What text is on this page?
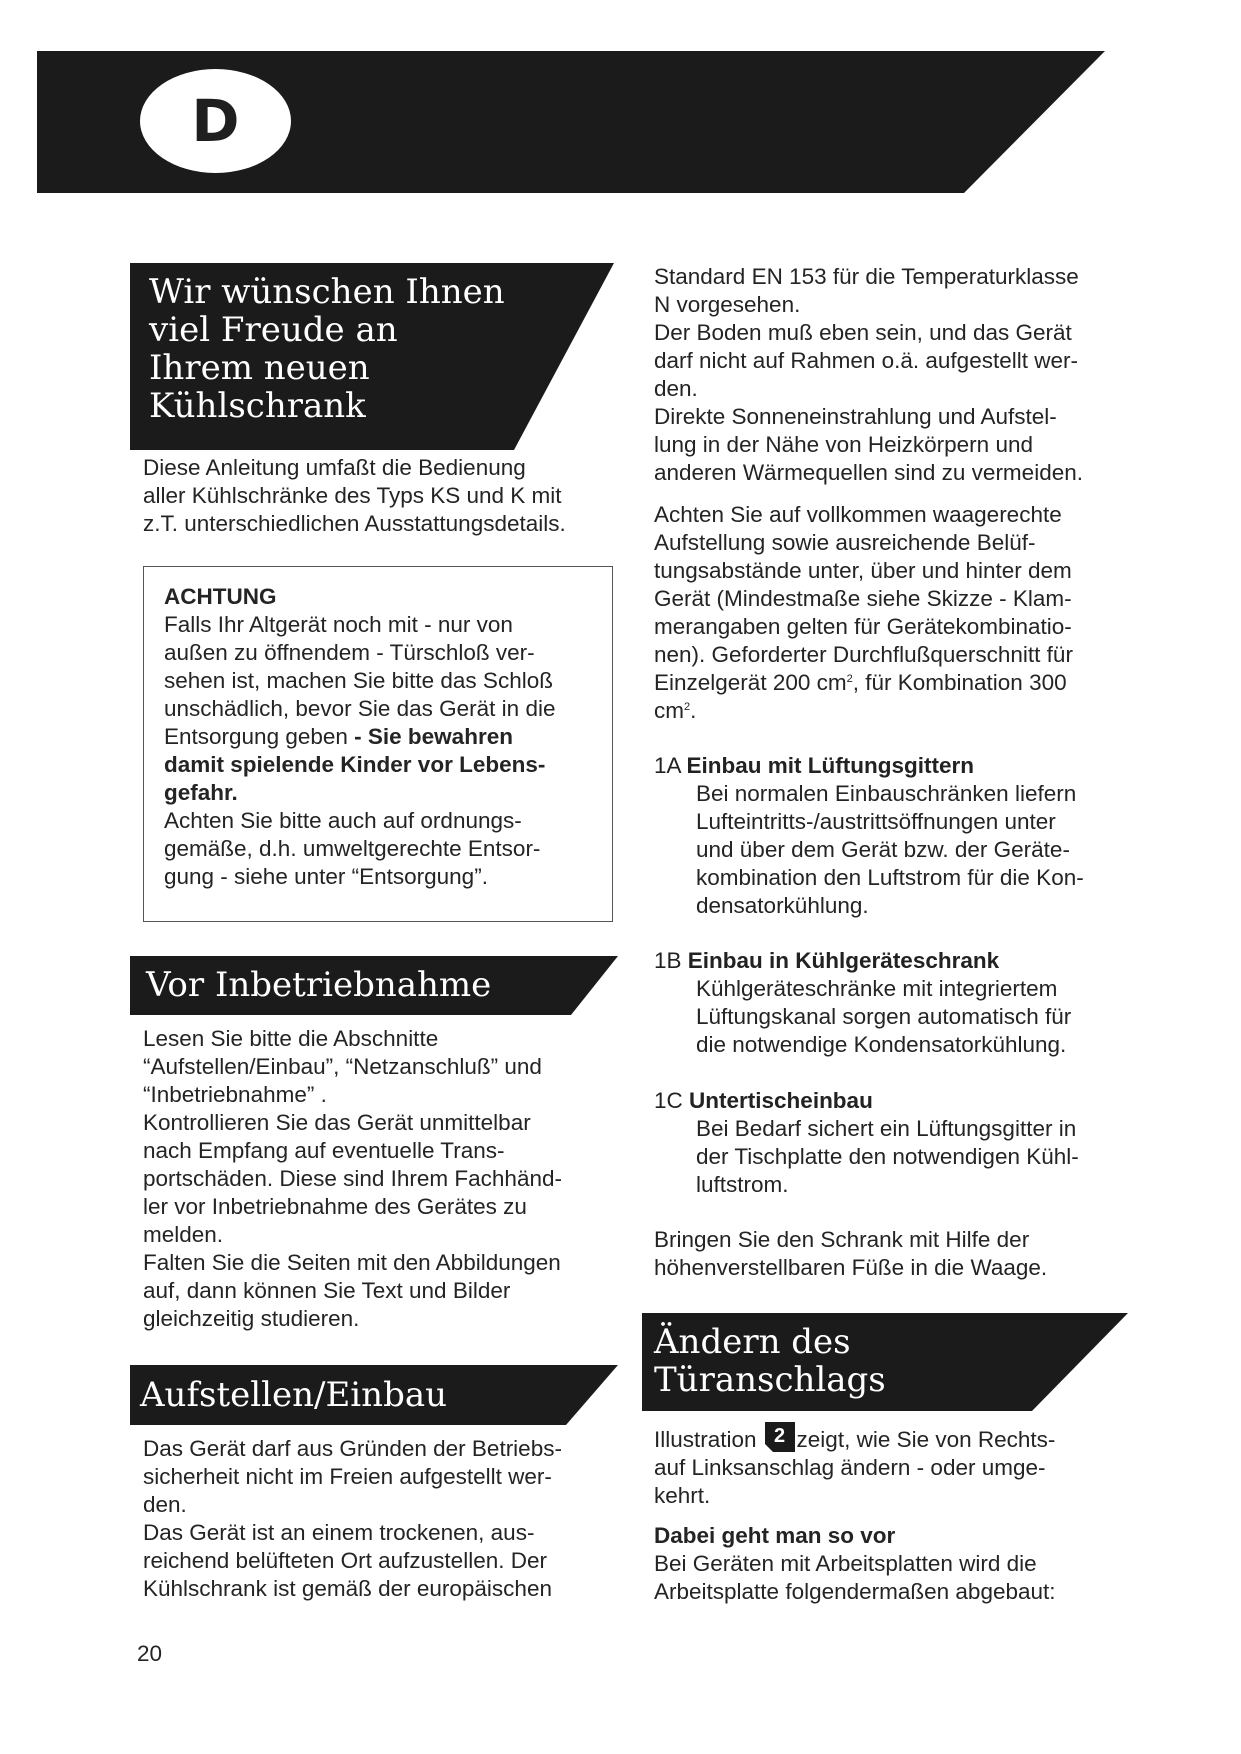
D
Wir wünschen Ihnen
viel Freude an
Ihrem neuen
Kühlschrank

Diese Anleitung umfaßt die Bedienung
aller Kühlschränke des Typs KS und K mit
z.T. unterschiedlichen Ausstattungsdetails.

ACHTUNG

Falls Ihr Altgerät noch mit - nur von
außen zu öffnendem - Türschloß ver-
sehen ist, machen Sie bitte das Schloß
unschädlich, bevor Sie das Gerät in die
Entsorgung geben - Sie bewahren
damit spielende Kinder vor Lebens-
gefahr.
Achten Sie bitte auch auf ordnungs-
gemäße, d.h. umweltgerechte Entsor-
gung - siehe unter “Entsorgung”.

Vor Inbetriebnahme

Lesen Sie bitte die Abschnitte
“Aufstellen/Einbau”, “Netzanschluß” und
“Inbetriebnahme” .
Kontrollieren Sie das Gerät unmittelbar
nach Empfang auf eventuelle Trans-
portschäden. Diese sind Ihrem Fachhänd-
ler vor Inbetriebnahme des Gerätes zu
melden.
Falten Sie die Seiten mit den Abbildungen
auf, dann können Sie Text und Bilder
gleichzeitig studieren.

Aufstellen/Einbau

Das Gerät darf aus Gründen der Betriebs-
sicherheit nicht im Freien aufgestellt wer-
den.
Das Gerät ist an einem trockenen, aus-
reichend belüfteten Ort aufzustellen. Der
Kühlschrank ist gemäß der europäischen

Standard EN 153 für die Temperaturklasse
N vorgesehen.
Der Boden muß eben sein, und das Gerät
darf nicht auf Rahmen o.ä. aufgestellt wer-
den.
Direkte Sonneneinstrahlung und Aufstel-
lung in der Nähe von Heizkörpern und
anderen Wärmequellen sind zu vermeiden.

Achten Sie auf vollkommen waagerechte
Aufstellung sowie ausreichende Belüf-
tungsabstände unter, über und hinter dem
Gerät (Mindestmaße siehe Skizze - Klam-
merangaben gelten für Gerätekombinatio-
nen). Geforderter Durchflußquerschnitt für
Einzelgerät 200 $cm^2$, für Kombination 300
$cm^2$.

1A Einbau mit Lüftungsgittern

Bei normalen Einbauschränken liefern
Lufteintritts-/austrittsöffnungen unter
und über dem Gerät bzw. der Geräte-
kombination den Luftstrom für die Kon-
densatorkühlung.

1B Einbau in Kühlgeräteschrank

Kühlgeräteschränke mit integriertem
Lüftungskanal sorgen automatisch für
die notwendige Kondensatorkühlung.

1C Untertischeinbau

Bei Bedarf sichert ein Lüftungsgitter in
der Tischplatte den notwendigen Kühl-
luftstrom.

Bringen Sie den Schrank mit Hilfe der
höhenverstellbaren Füße in die Waage.

Ändern des
Türanschlags

Illustration 2 zeigt, wie Sie von Rechts-
auf Linksanschlag ändern - oder umge-
kehrt.

Dabei geht man so vor

Bei Geräten mit Arbeitsplatten wird die
Arbeitsplatte folgendermaßen abgebaut:

20
